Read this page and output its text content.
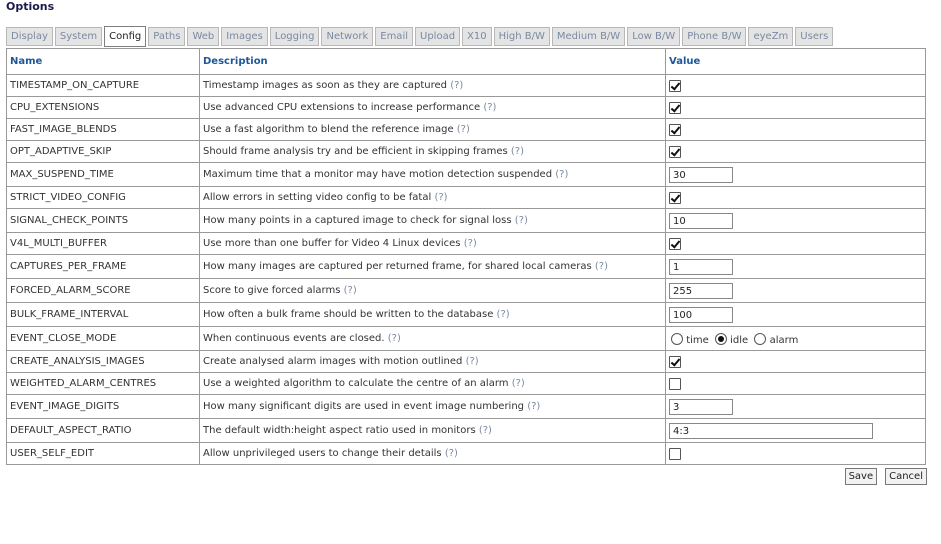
Options
Display	System	Config	Paths	Web	Images	Logging	Network	Email	Upload	X10	High B/W	Medium B/W	Low B/W	Phone B/W	eyeZm	Users
Name	Description	Value
TIMESTAMP_ON_CAPTURE	Timestamp images as soon as they are captured (?)	
CPU_EXTENSIONS	Use advanced CPU extensions to increase performance (?)	
FAST_IMAGE_BLENDS	Use a fast algorithm to blend the reference image (?)	
OPT_ADAPTIVE_SKIP	Should frame analysis try and be efficient in skipping frames (?)	
MAX_SUSPEND_TIME	Maximum time that a monitor may have motion detection suspended (?)	30
STRICT_VIDEO_CONFIG	Allow errors in setting video config to be fatal (?)	
SIGNAL_CHECK_POINTS	How many points in a captured image to check for signal loss (?)	10
V4L_MULTI_BUFFER	Use more than one buffer for Video 4 Linux devices (?)	
CAPTURES_PER_FRAME	How many images are captured per returned frame, for shared local cameras (?)	1
FORCED_ALARM_SCORE	Score to give forced alarms (?)	255
BULK_FRAME_INTERVAL	How often a bulk frame should be written to the database (?)	100
EVENT_CLOSE_MODE	When continuous events are closed. (?)	time idle alarm
CREATE_ANALYSIS_IMAGES	Create analysed alarm images with motion outlined (?)	
WEIGHTED_ALARM_CENTRES	Use a weighted algorithm to calculate the centre of an alarm (?)	
EVENT_IMAGE_DIGITS	How many significant digits are used in event image numbering (?)	3
DEFAULT_ASPECT_RATIO	The default width:height aspect ratio used in monitors (?)	4:3
USER_SELF_EDIT	Allow unprivileged users to change their details (?)	
Save	Cancel
